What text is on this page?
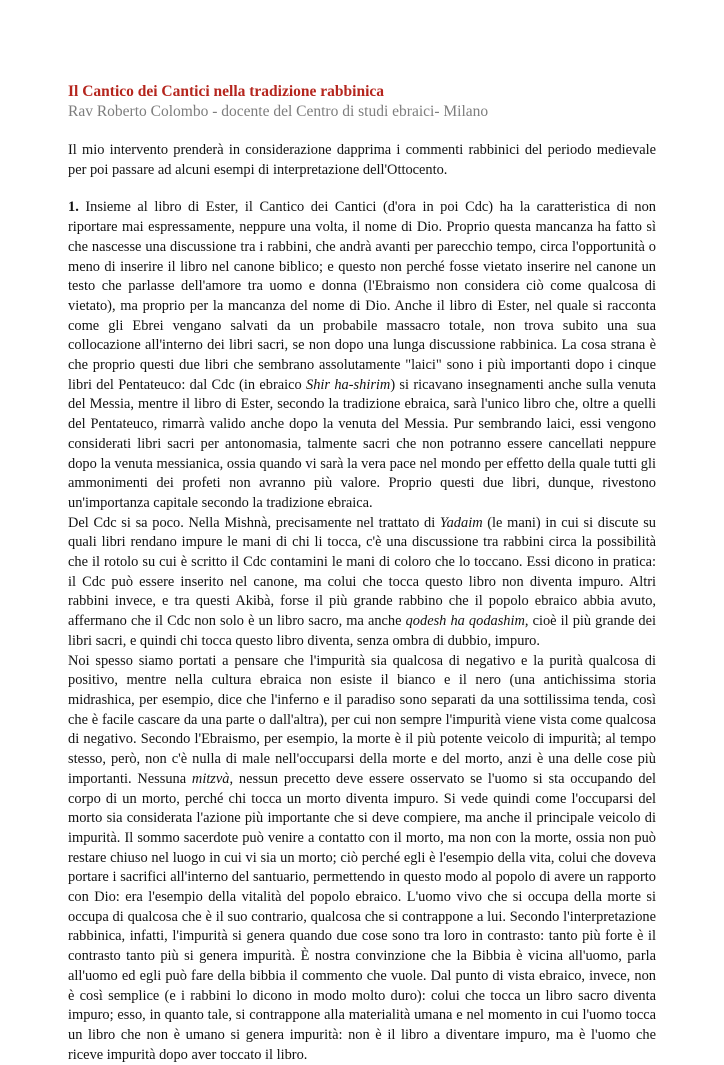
Il Cantico dei Cantici nella tradizione rabbinica

Rav Roberto Colombo - docente del Centro di studi ebraici- Milano

Il mio intervento prenderà in considerazione dapprima i commenti rabbinici del periodo medievale per poi passare ad alcuni esempi di interpretazione dell'Ottocento.

1. Insieme al libro di Ester, il Cantico dei Cantici (d'ora in poi Cdc) ha la caratteristica di non riportare mai espressamente, neppure una volta, il nome di Dio. Proprio questa mancanza ha fatto sì che nascesse una discussione tra i rabbini, che andrà avanti per parecchio tempo, circa l'opportunità o meno di inserire il libro nel canone biblico; e questo non perché fosse vietato inserire nel canone un testo che parlasse dell'amore tra uomo e donna (l'Ebraismo non considera ciò come qualcosa di vietato), ma proprio per la mancanza del nome di Dio. Anche il libro di Ester, nel quale si racconta come gli Ebrei vengano salvati da un probabile massacro totale, non trova subito una sua collocazione all'interno dei libri sacri, se non dopo una lunga discussione rabbinica. La cosa strana è che proprio questi due libri che sembrano assolutamente "laici" sono i più importanti dopo i cinque libri del Pentateuco: dal Cdc (in ebraico Shir ha-shirim) si ricavano insegnamenti anche sulla venuta del Messia, mentre il libro di Ester, secondo la tradizione ebraica, sarà l'unico libro che, oltre a quelli del Pentateuco, rimarrà valido anche dopo la venuta del Messia. Pur sembrando laici, essi vengono considerati libri sacri per antonomasia, talmente sacri che non potranno essere cancellati neppure dopo la venuta messianica, ossia quando vi sarà la vera pace nel mondo per effetto della quale tutti gli ammonimenti dei profeti non avranno più valore. Proprio questi due libri, dunque, rivestono un'importanza capitale secondo la tradizione ebraica.

Del Cdc si sa poco. Nella Mishnà, precisamente nel trattato di Yadaim (le mani) in cui si discute su quali libri rendano impure le mani di chi li tocca, c'è una discussione tra rabbini circa la possibilità che il rotolo su cui è scritto il Cdc contamini le mani di coloro che lo toccano. Essi dicono in pratica: il Cdc può essere inserito nel canone, ma colui che tocca questo libro non diventa impuro. Altri rabbini invece, e tra questi Akibà, forse il più grande rabbino che il popolo ebraico abbia avuto, affermano che il Cdc non solo è un libro sacro, ma anche qodesh ha qodashim, cioè il più grande dei libri sacri, e quindi chi tocca questo libro diventa, senza ombra di dubbio, impuro.

Noi spesso siamo portati a pensare che l'impurità sia qualcosa di negativo e la purità qualcosa di positivo, mentre nella cultura ebraica non esiste il bianco e il nero (una antichissima storia midrashica, per esempio, dice che l'inferno e il paradiso sono separati da una sottilissima tenda, così che è facile cascare da una parte o dall'altra), per cui non sempre l'impurità viene vista come qualcosa di negativo. Secondo l'Ebraismo, per esempio, la morte è il più potente veicolo di impurità; al tempo stesso, però, non c'è nulla di male nell'occuparsi della morte e del morto, anzi è una delle cose più importanti. Nessuna mitzvà, nessun precetto deve essere osservato se l'uomo si sta occupando del corpo di un morto, perché chi tocca un morto diventa impuro. Si vede quindi come l'occuparsi del morto sia considerata l'azione più importante che si deve compiere, ma anche il principale veicolo di impurità. Il sommo sacerdote può venire a contatto con il morto, ma non con la morte, ossia non può restare chiuso nel luogo in cui vi sia un morto; ciò perché egli è l'esempio della vita, colui che doveva portare i sacrifici all'interno del santuario, permettendo in questo modo al popolo di avere un rapporto con Dio: era l'esempio della vitalità del popolo ebraico. L'uomo vivo che si occupa della morte si occupa di qualcosa che è il suo contrario, qualcosa che si contrappone a lui. Secondo l'interpretazione rabbinica, infatti, l'impurità si genera quando due cose sono tra loro in contrasto: tanto più forte è il contrasto tanto più si genera impurità. È nostra convinzione che la Bibbia è vicina all'uomo, parla all'uomo ed egli può fare della bibbia il commento che vuole. Dal punto di vista ebraico, invece, non è così semplice (e i rabbini lo dicono in modo molto duro): colui che tocca un libro sacro diventa impuro; esso, in quanto tale, si contrappone alla materialità umana e nel momento in cui l'uomo tocca un libro che non è umano si genera impurità: non è il libro a diventare impuro, ma è l'uomo che riceve impurità dopo aver toccato il libro.
